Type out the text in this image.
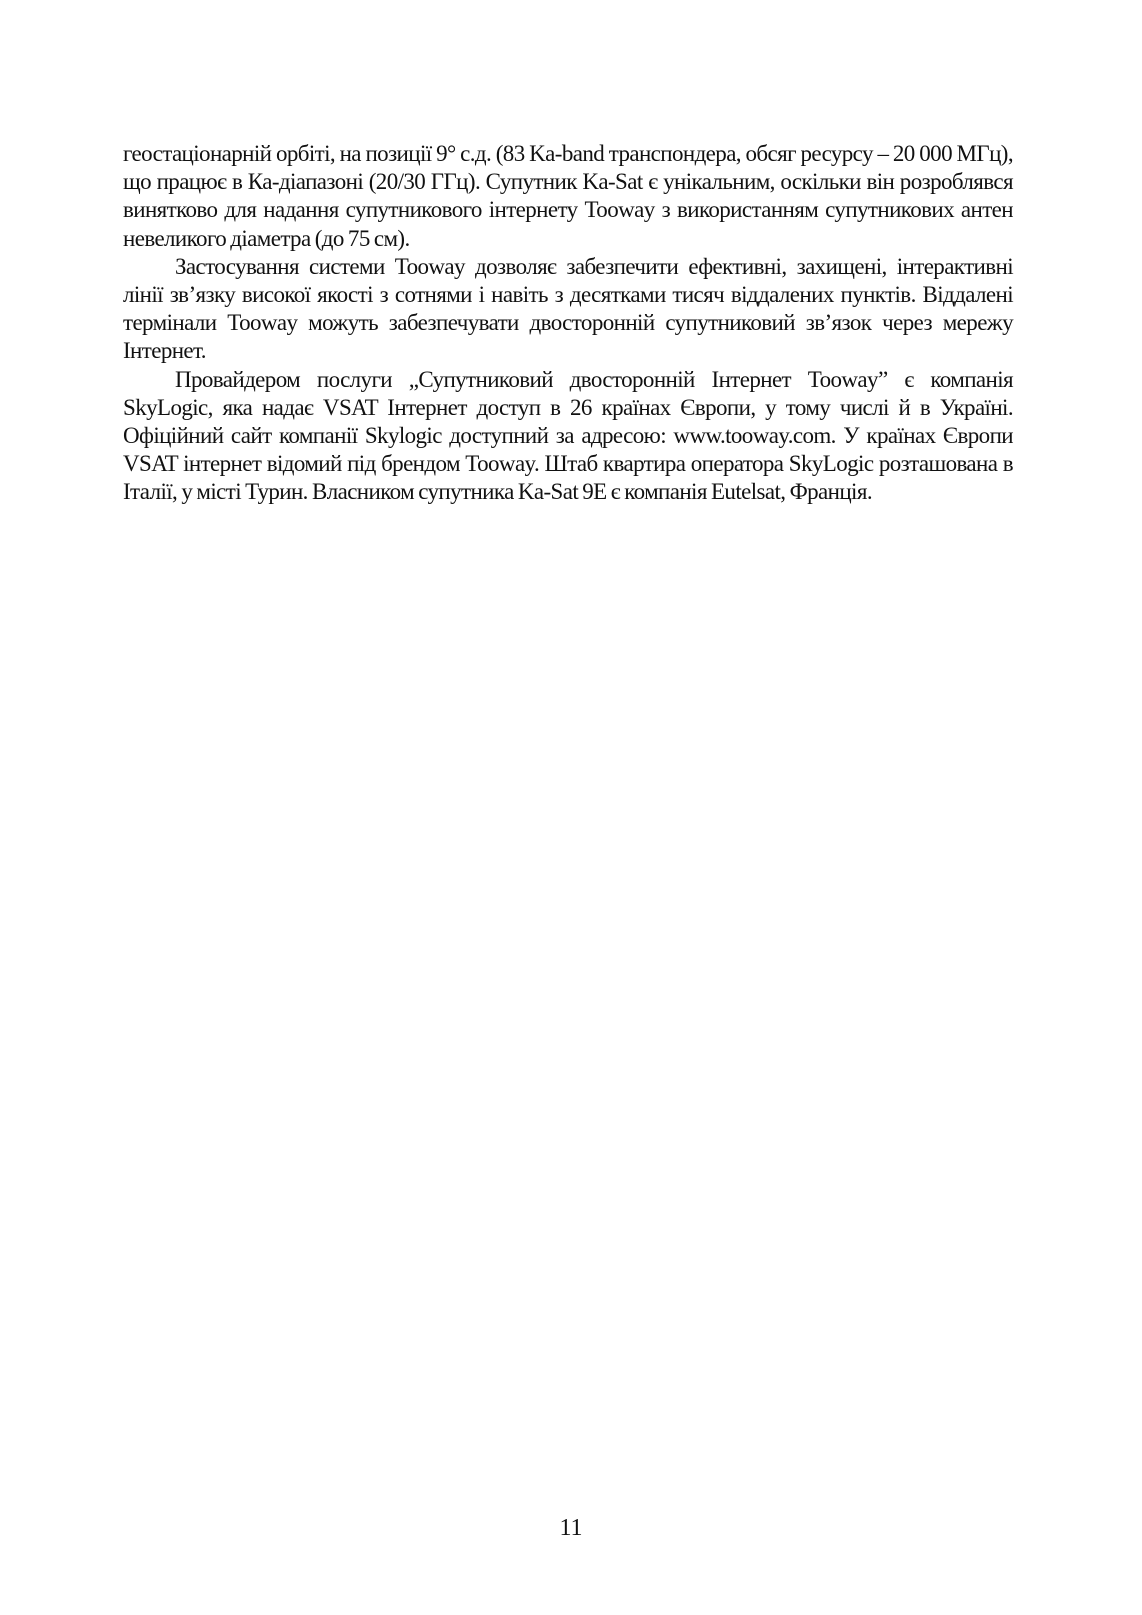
геостаціонарній орбіті, на позиції 9° с.д. (83 Ka-band транспондера, обсяг ресурсу – 20 000 МГц), що працює в Ка-діапазоні (20/30 ГГц). Супутник Ka-Sat є унікальним, оскільки він розроблявся винятково для надання супутникового інтернету Tooway з використанням супутникових антен невеликого діаметра (до 75 см).

Застосування системи Tooway дозволяє забезпечити ефективні, захищені, інтерактивні лінії зв’язку високої якості з сотнями і навіть з десятками тисяч віддалених пунктів. Віддалені термінали Tooway можуть забезпечувати двосторонній супутниковий зв’язок через мережу Інтернет.

Провайдером послуги „Супутниковий двосторонній Інтернет Tooway” є компанія SkyLogic, яка надає VSAT Інтернет доступ в 26 країнах Європи, у тому числі й в Україні. Офіційний сайт компанії Skylogic доступний за адресою: www.tooway.com. У країнах Європи VSAT інтернет відомий під брендом Tooway. Штаб квартира оператора SkyLogic розташована в Італії, у місті Турин. Власником супутника Ka-Sat 9E є компанія Eutelsat, Франція.

11
